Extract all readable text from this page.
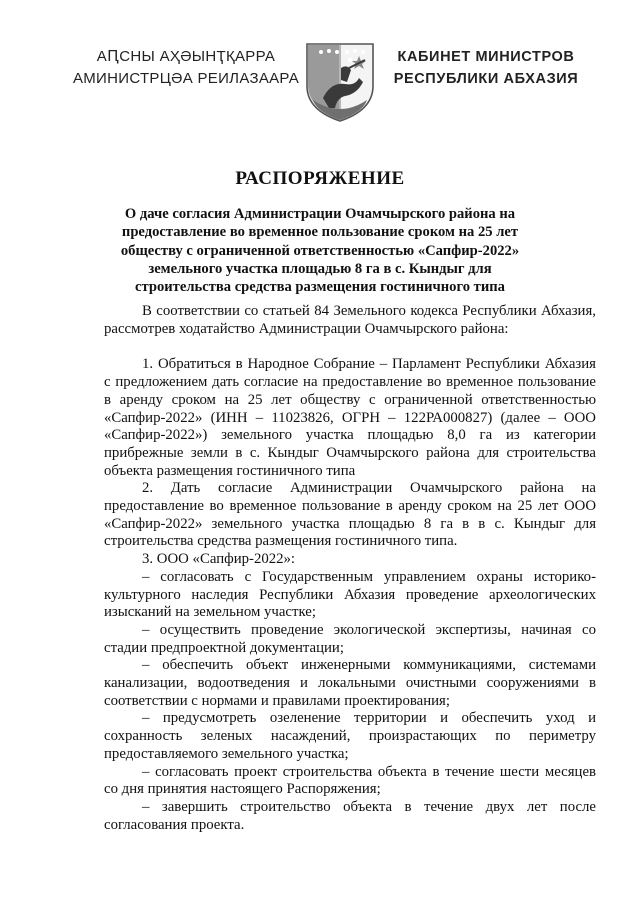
АԤСНЫ АҲӘЫНҬҚАРРА
АМИНИСТРЦӘА РЕИЛАЗААРА
КАБИНЕТ МИНИСТРОВ
РЕСПУБЛИКИ АБХАЗИЯ
РАСПОРЯЖЕНИЕ
О даче согласия Администрации Очамчырского района на предоставление во временное пользование сроком на 25 лет обществу с ограниченной ответственностью «Сапфир-2022» земельного участка площадью 8 га в с. Кындыг для строительства средства размещения гостиничного типа

В соответствии со статьей 84 Земельного кодекса Республики Абхазия, рассмотрев ходатайство Администрации Очамчырского района:

1. Обратиться в Народное Собрание – Парламент Республики Абхазия с предложением дать согласие на предоставление во временное пользование в аренду сроком на 25 лет обществу с ограниченной ответственностью «Сапфир-2022» (ИНН – 11023826, ОГРН – 122РА000827) (далее – ООО «Сапфир-2022») земельного участка площадью 8,0 га из категории прибрежные земли в с. Кындыг Очамчырского района для строительства объекта размещения гостиничного типа

2. Дать согласие Администрации Очамчырского района на предоставление во временное пользование в аренду сроком на 25 лет ООО «Сапфир-2022» земельного участка площадью 8 га в в с. Кындыг для строительства средства размещения гостиничного типа.

3. ООО «Сапфир-2022»:

– согласовать с Государственным управлением охраны историко-культурного наследия Республики Абхазия проведение археологических изысканий на земельном участке;

– осуществить проведение экологической экспертизы, начиная со стадии предпроектной документации;

– обеспечить объект инженерными коммуникациями, системами канализации, водоотведения и локальными очистными сооружениями в соответствии с нормами и правилами проектирования;

– предусмотреть озеленение территории и обеспечить уход и сохранность зеленых насаждений, произрастающих по периметру предоставляемого земельного участка;

– согласовать проект строительства объекта в течение шести месяцев со дня принятия настоящего Распоряжения;

– завершить строительство объекта в течение двух лет после согласования проекта.
